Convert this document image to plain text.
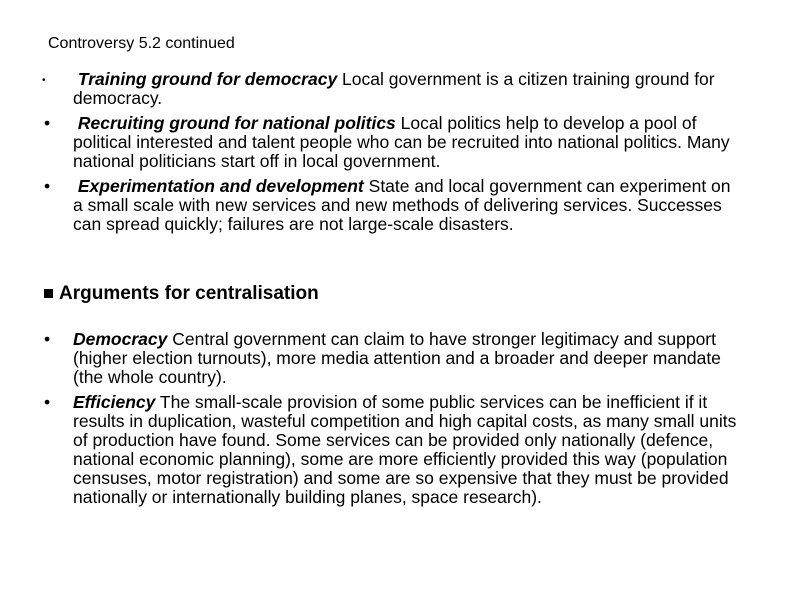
Controversy 5.2 continued
• Training ground for democracy Local government is a citizen training ground for democracy.
• Recruiting ground for national politics Local politics help to develop a pool of political interested and talent people who can be recruited into national politics. Many national politicians start off in local government.
• Experimentation and development State and local government can experiment on a small scale with new services and new methods of delivering services. Successes can spread quickly; failures are not large-scale disasters.
Arguments for centralisation
• Democracy Central government can claim to have stronger legitimacy and support (higher election turnouts), more media attention and a broader and deeper mandate (the whole country).
• Efficiency The small-scale provision of some public services can be inefficient if it results in duplication, wasteful competition and high capital costs, as many small units of production have found. Some services can be provided only nationally (defence, national economic planning), some are more efficiently provided this way (population censuses, motor registration) and some are so expensive that they must be provided nationally or internationally building planes, space research).
